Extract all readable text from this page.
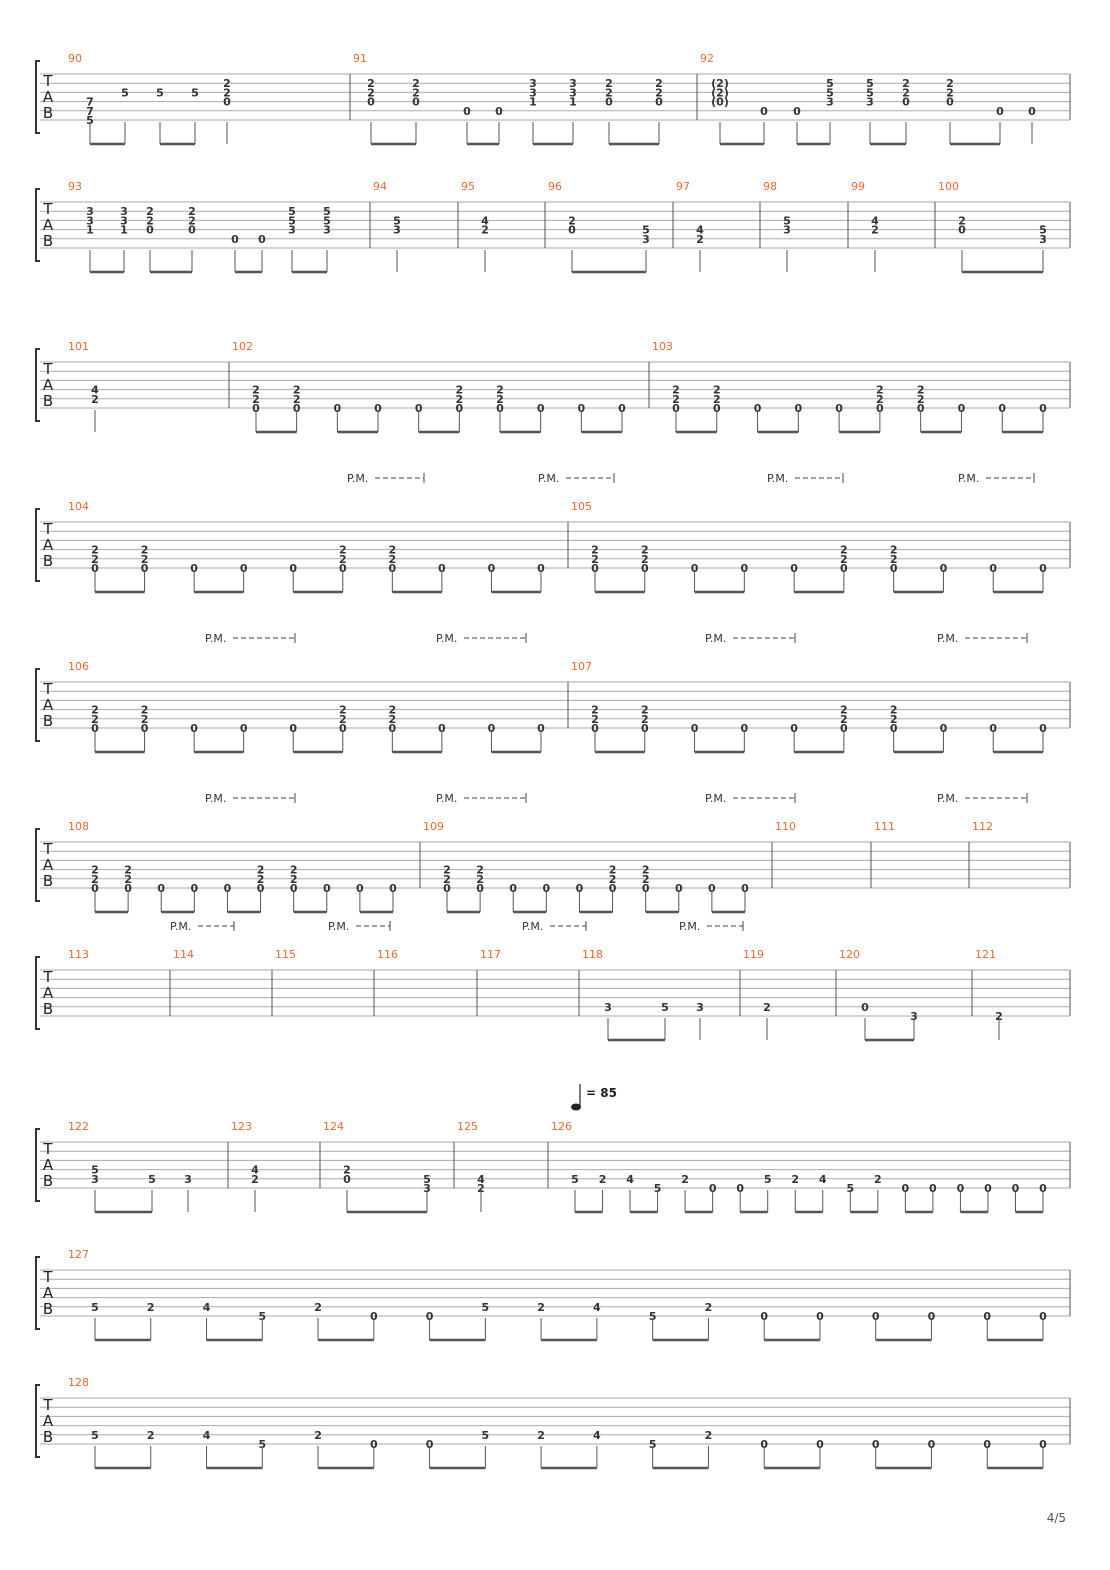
T
A
B
90
7
7
5
5 5 5
2
2
0
91
2
2
0
2
2
0
0 0
3
3
1
3
3
1
2
2
0
2
2
0
92
(2)
(2)
(0)
0 0
5
5
3
5
5
3
2
2
0
2
2
0
0 0
T
A
B
93
3
3
1
3
3
1
2
2
0
2
2
0
0 0
5
5
3
5
5
3
94
5
3
95
4
2
96
2
0	5
3
97
4
2
98
5
3
99
4
2
100
2
0	5
3
T
A
B
101
4
2
102
2
2
0
2
2
0	0	0	0
2
2
0
2
2
0	0	0	0
103
2
2
0
2
2
0	0	0	0
2
2
0
2
2
0	0	0	0
T
A
B
104
2
2
0
2
2
0	0	0	0
2
2
0
2
2
0	0	0	0
105
2
2
0
2
2
0	0	0	0
2
2
0
2
2
0	0	0	0
P.M.	P.M.	P.M.	P.M.
T
A
B
106
2
2
0
2
2
0	0	0	0
2
2
0
2
2
0	0	0	0
107
2
2
0
2
2
0	0	0	0
2
2
0
2
2
0	0	0	0
P.M.	P.M.	P.M.	P.M.
T
A
B
108
2
2
0
2
2
0 0 0 0
2
2
0
2
2
0 0 0 0
109
2
2
0
2
2
0 0 0 0
2
2
0
2
2
0 0 0 0
110	111	112
P.M.	P.M.	P.M.	P.M.
T
A
B
113	114	115	116	117	118
3	5 3
119
2
120
0
3
121
2
P.M.	P.M.	P.M.	P.M.
T
A
B
122
5
3	5	3
123
4
2
124
2
0	5
3
125
4
2
126
5 2 4
5
2
0 0
5 2 4
5
2
0 0 0 0 0 0
T
A
B
127
5	2	4
5
2
0	0
5	2	4
5
2
0	0	0	0	0	0
T
A
B
128
5	2	4
5
2
0	0
5	2	4
5
2
0	0	0	0	0	0
= 85
4/5
